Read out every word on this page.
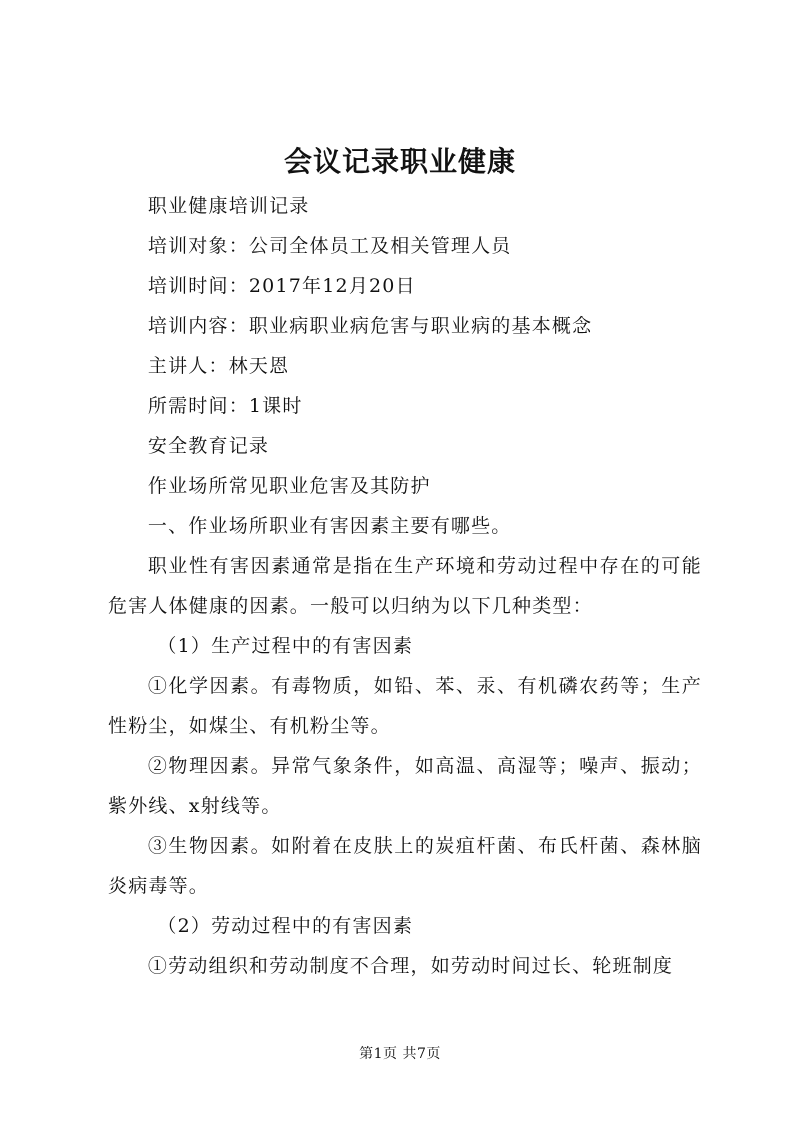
会议记录职业健康

职业健康培训记录

培训对象：公司全体员工及相关管理人员

培训时间：2017年12月20日

培训内容：职业病职业病危害与职业病的基本概念

主讲人：林天恩

所需时间：1课时

安全教育记录

作业场所常见职业危害及其防护

一、作业场所职业有害因素主要有哪些。

职业性有害因素通常是指在生产环境和劳动过程中存在的可能危害人体健康的因素。一般可以归纳为以下几种类型：

（1）生产过程中的有害因素

①化学因素。有毒物质，如铅、苯、汞、有机磷农药等；生产性粉尘，如煤尘、有机粉尘等。

②物理因素。异常气象条件，如高温、高湿等；噪声、振动；紫外线、x射线等。

③生物因素。如附着在皮肤上的炭疽杆菌、布氏杆菌、森林脑炎病毒等。

（2）劳动过程中的有害因素

①劳动组织和劳动制度不合理，如劳动时间过长、轮班制度

第1页 共7页
